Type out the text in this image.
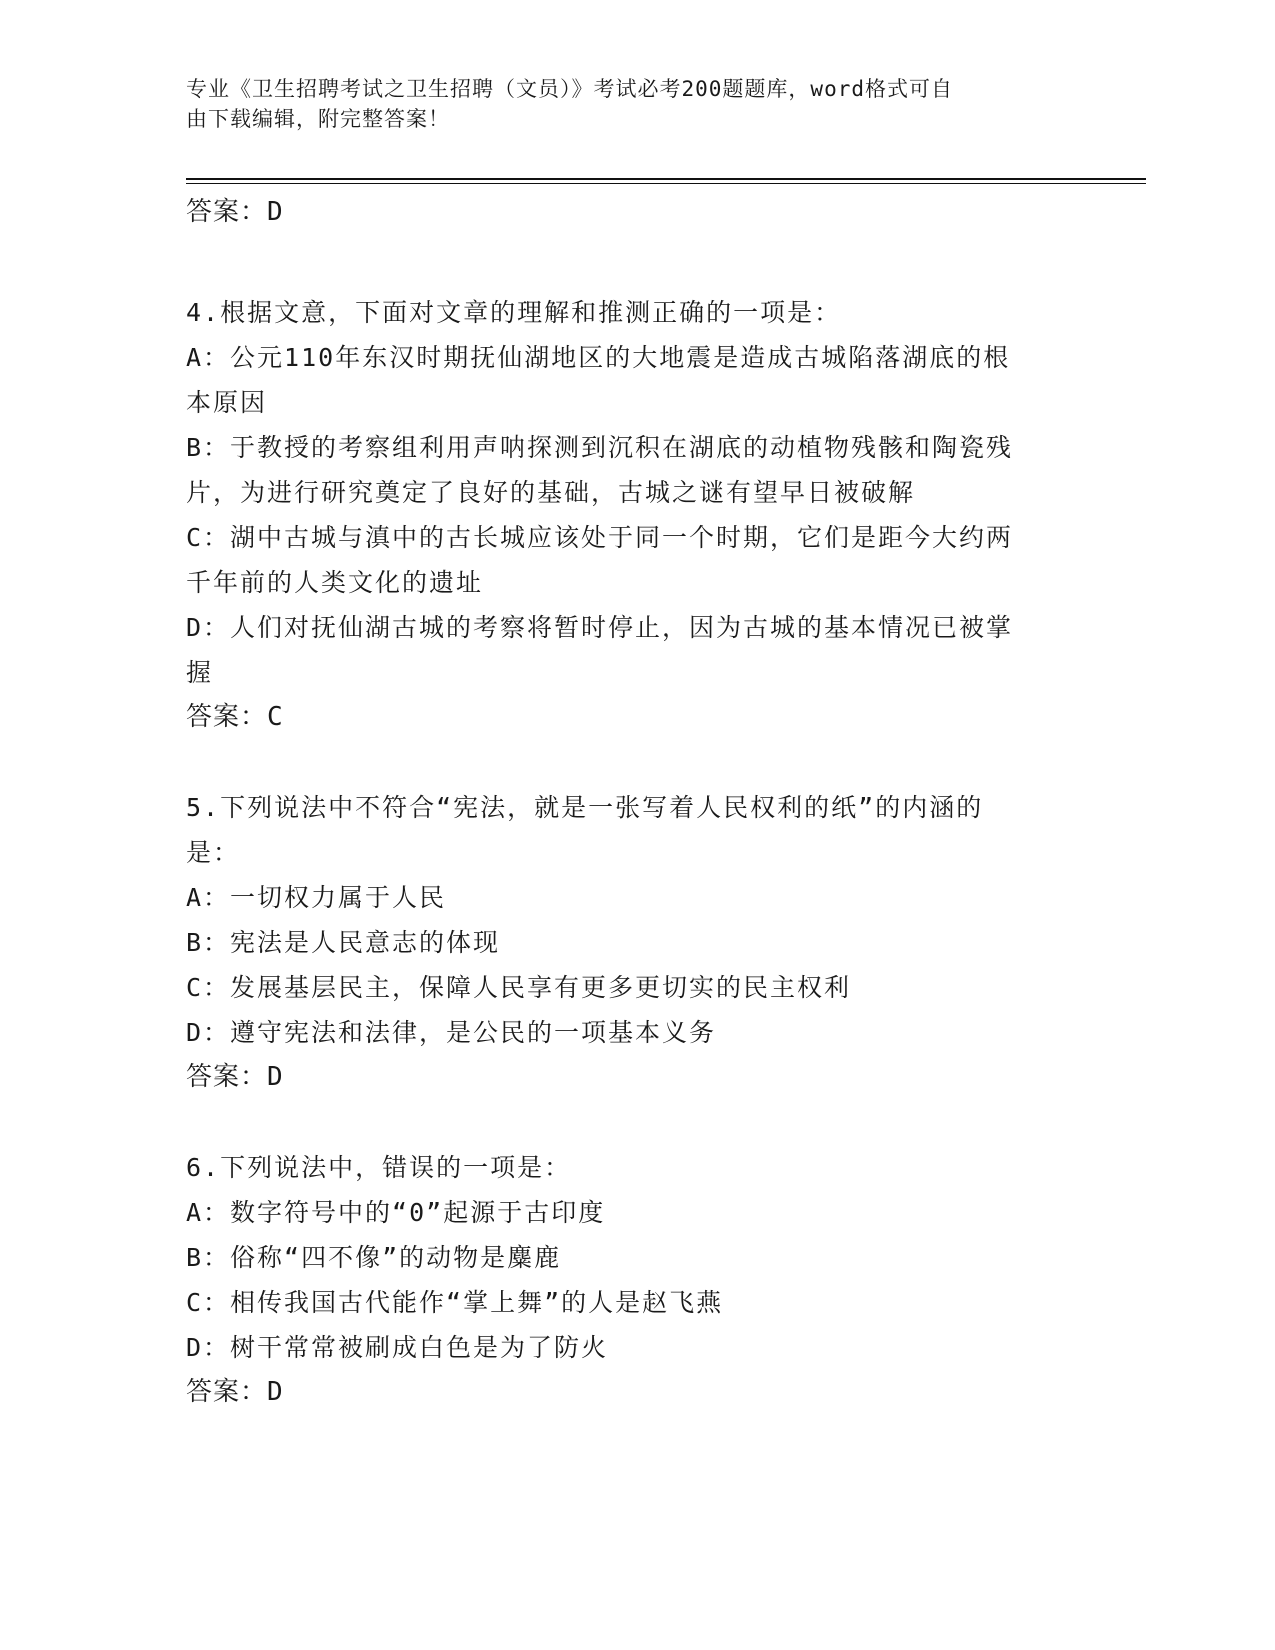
专业《卫生招聘考试之卫生招聘（文员）》考试必考200题题库，word格式可自
由下载编辑，附完整答案！

答案：D

4.根据文意，下面对文章的理解和推测正确的一项是：

A：公元110年东汉时期抚仙湖地区的大地震是造成古城陷落湖底的根

本原因

B：于教授的考察组利用声呐探测到沉积在湖底的动植物残骸和陶瓷残

片，为进行研究奠定了良好的基础，古城之谜有望早日被破解

C：湖中古城与滇中的古长城应该处于同一个时期，它们是距今大约两

千年前的人类文化的遗址

D：人们对抚仙湖古城的考察将暂时停止，因为古城的基本情况已被掌

握

答案：C

5.下列说法中不符合“宪法，就是一张写着人民权利的纸”的内涵的

是：

A：一切权力属于人民

B：宪法是人民意志的体现

C：发展基层民主，保障人民享有更多更切实的民主权利

D：遵守宪法和法律，是公民的一项基本义务

答案：D

6.下列说法中，错误的一项是：

A：数字符号中的“0”起源于古印度

B：俗称“四不像”的动物是麋鹿

C：相传我国古代能作“掌上舞”的人是赵飞燕

D：树干常常被刷成白色是为了防火

答案：D
